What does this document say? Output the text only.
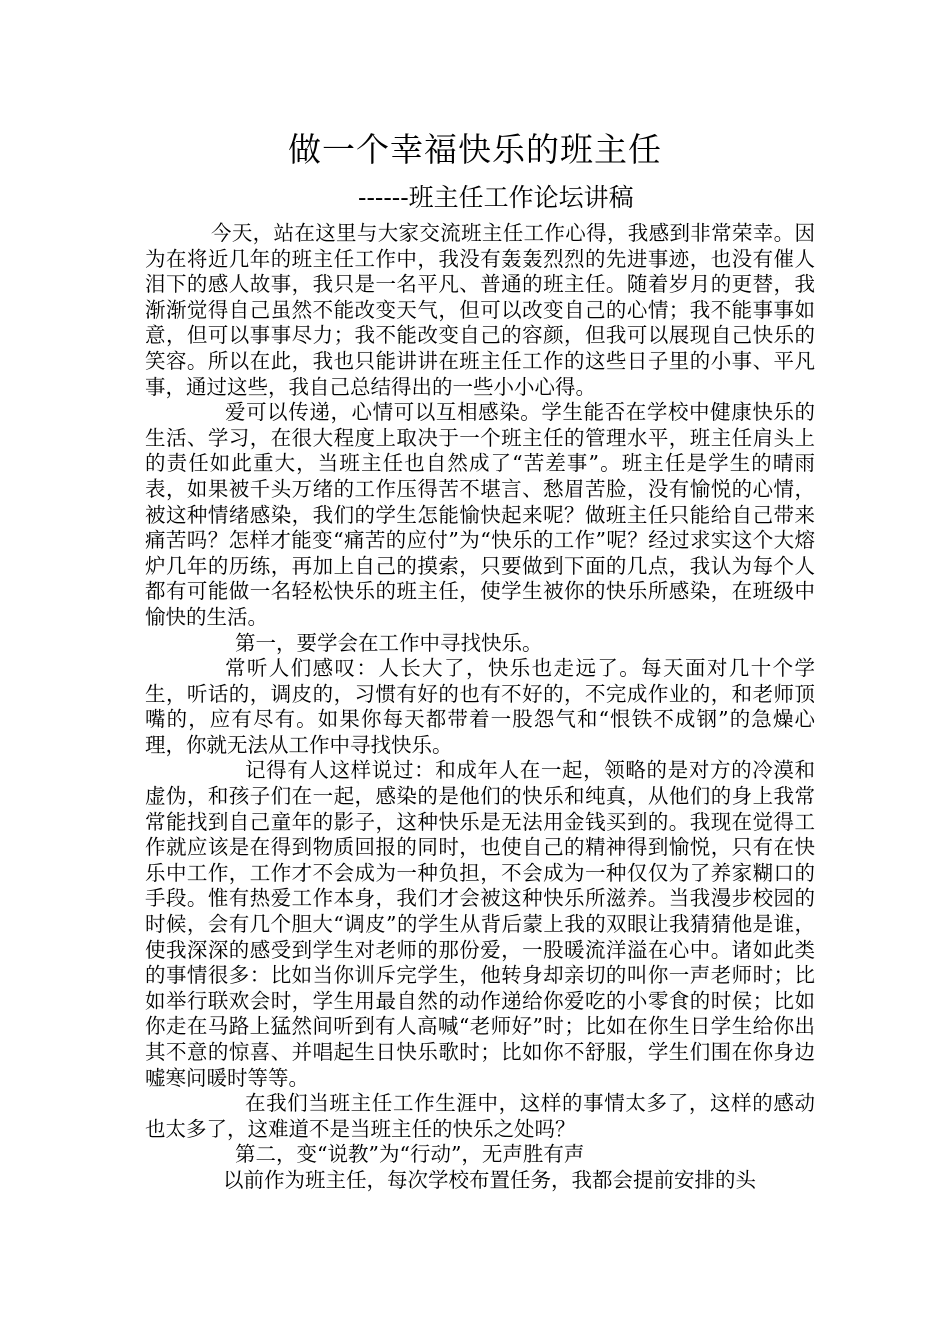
做一个幸福快乐的班主任
------班主任工作论坛讲稿

今天，站在这里与大家交流班主任工作心得，我感到非常荣幸。因为在将近几年的班主任工作中，我没有轰轰烈烈的先进事迹，也没有催人泪下的感人故事，我只是一名平凡、普通的班主任。随着岁月的更替，我渐渐觉得自己虽然不能改变天气，但可以改变自己的心情；我不能事事如意，但可以事事尽力；我不能改变自己的容颜，但我可以展现自己快乐的笑容。所以在此，我也只能讲讲在班主任工作的这些日子里的小事、平凡事，通过这些，我自己总结得出的一些小小心得。

爱可以传递，心情可以互相感染。学生能否在学校中健康快乐的生活、学习，在很大程度上取决于一个班主任的管理水平，班主任肩头上的责任如此重大，当班主任也自然成了“苦差事”。班主任是学生的晴雨表，如果被千头万绪的工作压得苦不堪言、愁眉苦脸，没有愉悦的心情，被这种情绪感染，我们的学生怎能愉快起来呢？做班主任只能给自己带来痛苦吗？怎样才能变“痛苦的应付”为“快乐的工作”呢？经过求实这个大熔炉几年的历练，再加上自己的摸索，只要做到下面的几点，我认为每个人都有可能做一名轻松快乐的班主任，使学生被你的快乐所感染，在班级中愉快的生活。

第一，要学会在工作中寻找快乐。

常听人们感叹：人长大了，快乐也走远了。每天面对几十个学生，听话的，调皮的，习惯有好的也有不好的，不完成作业的，和老师顶嘴的，应有尽有。如果你每天都带着一股怨气和“恨铁不成钢”的急燥心理，你就无法从工作中寻找快乐。

记得有人这样说过：和成年人在一起，领略的是对方的冷漠和虚伪，和孩子们在一起，感染的是他们的快乐和纯真，从他们的身上我常常能找到自己童年的影子，这种快乐是无法用金钱买到的。我现在觉得工作就应该是在得到物质回报的同时，也使自己的精神得到愉悦，只有在快乐中工作，工作才不会成为一种负担，不会成为一种仅仅为了养家糊口的手段。惟有热爱工作本身，我们才会被这种快乐所滋养。当我漫步校园的时候，会有几个胆大“调皮”的学生从背后蒙上我的双眼让我猜猜他是谁，使我深深的感受到学生对老师的那份爱，一股暖流洋溢在心中。诸如此类的事情很多：比如当你训斥完学生，他转身却亲切的叫你一声老师时；比如举行联欢会时，学生用最自然的动作递给你爱吃的小零食的时侯；比如你走在马路上猛然间听到有人高喊“老师好”时；比如在你生日学生给你出其不意的惊喜、并唱起生日快乐歌时；比如你不舒服，学生们围在你身边嘘寒问暖时等等。

在我们当班主任工作生涯中，这样的事情太多了，这样的感动也太多了，这难道不是当班主任的快乐之处吗？

第二，变“说教”为“行动”，无声胜有声

以前作为班主任，每次学校布置任务，我都会提前安排的头
